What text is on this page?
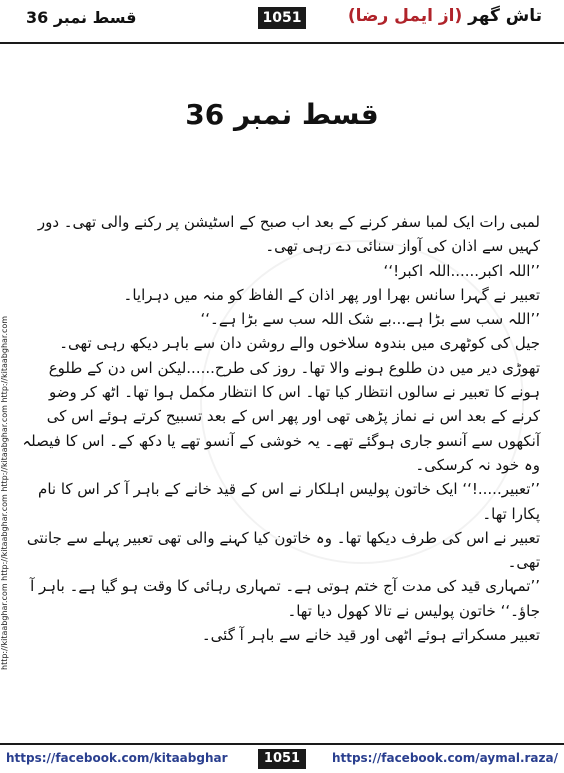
قسط نمبر 36	1051	تاش گھر (از ایمل رضا)
http://kitaabghar.com http://kitaabghar.com http://kitaabghar.com http://kitaabghar.com
قسط نمبر 36

لمبی رات ایک لمبا سفر کرنے کے بعد اب صبح کے اسٹیشن پر رکنے والی تھی۔ دور کہیں سے اذان کی آواز سنائی دے رہی تھی۔

’’اللہ اکبر......اللہ اکبر!‘‘

تعبیر نے گہرا سانس بھرا اور پھر اذان کے الفاظ کو منہ میں دہرایا۔

’’اللہ سب سے بڑا ہے...بے شک اللہ سب سے بڑا ہے۔‘‘

جیل کی کوٹھری میں بندوہ سلاخوں والے روشن دان سے باہر دیکھ رہی تھی۔ تھوڑی دیر میں دن طلوع ہونے والا تھا۔ روز کی طرح......لیکن اس دن کے طلوع ہونے کا تعبیر نے سالوں انتظار کیا تھا۔ اس کا انتظار مکمل ہوا تھا۔ اٹھ کر وضو کرنے کے بعد اس نے نماز پڑھی تھی اور پھر اس کے بعد تسبیح کرتے ہوئے اس کی آنکھوں سے آنسو جاری ہوگئے تھے۔ یہ خوشی کے آنسو تھے یا دکھ کے۔ اس کا فیصلہ وہ خود نہ کرسکی۔

’’تعبیر.....!‘‘ ایک خاتون پولیس اہلکار نے اس کے قید خانے کے باہر آ کر اس کا نام پکارا تھا۔

تعبیر نے اس کی طرف دیکھا تھا۔ وہ خاتون کیا کہنے والی تھی تعبیر پہلے سے جانتی تھی۔

’’تمہاری قید کی مدت آج ختم ہوتی ہے۔ تمہاری رہائی کا وقت ہو گیا ہے۔ باہر آ جاؤ۔‘‘ خاتون پولیس نے تالا کھول دیا تھا۔

تعبیر مسکراتے ہوئے اٹھی اور قید خانے سے باہر آ گئی۔

https://facebook.com/kitaabghar	1051	https://facebook.com/aymal.raza/
